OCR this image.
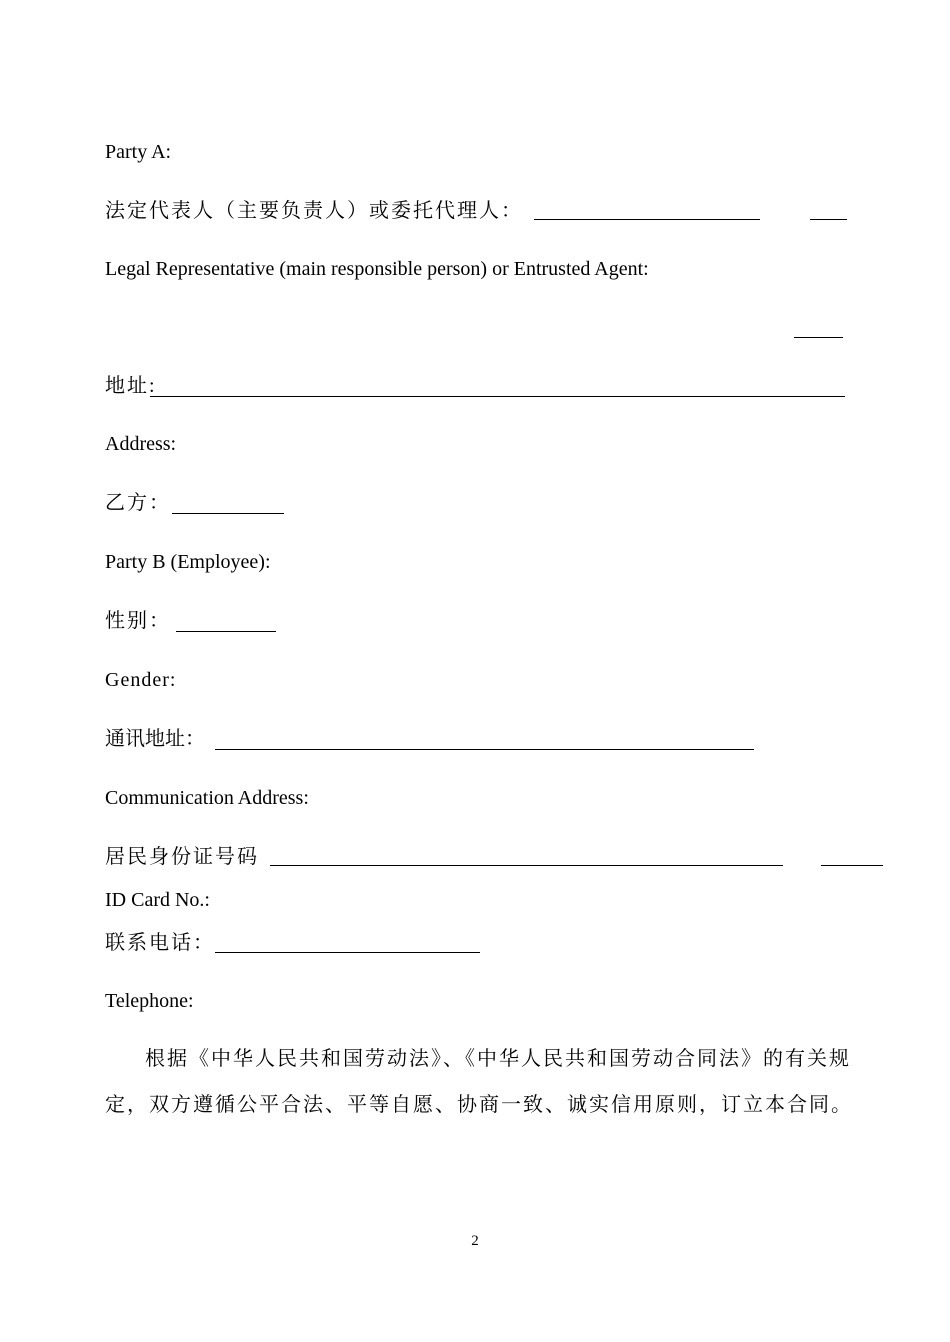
Party A:
法定代表人（主要负责人）或委托代理人：
Legal Representative (main responsible person) or Entrusted Agent:
地址:
Address:
乙方：
Party B (Employee):
性别：
Gender:
通讯地址：
Communication Address:
居民身份证号码
ID Card No.:
联系电话：
Telephone:
根据《中华人民共和国劳动法》、《中华人民共和国劳动合同法》的有关规定，双方遵循公平合法、平等自愿、协商一致、诚实信用原则，订立本合同。
2
